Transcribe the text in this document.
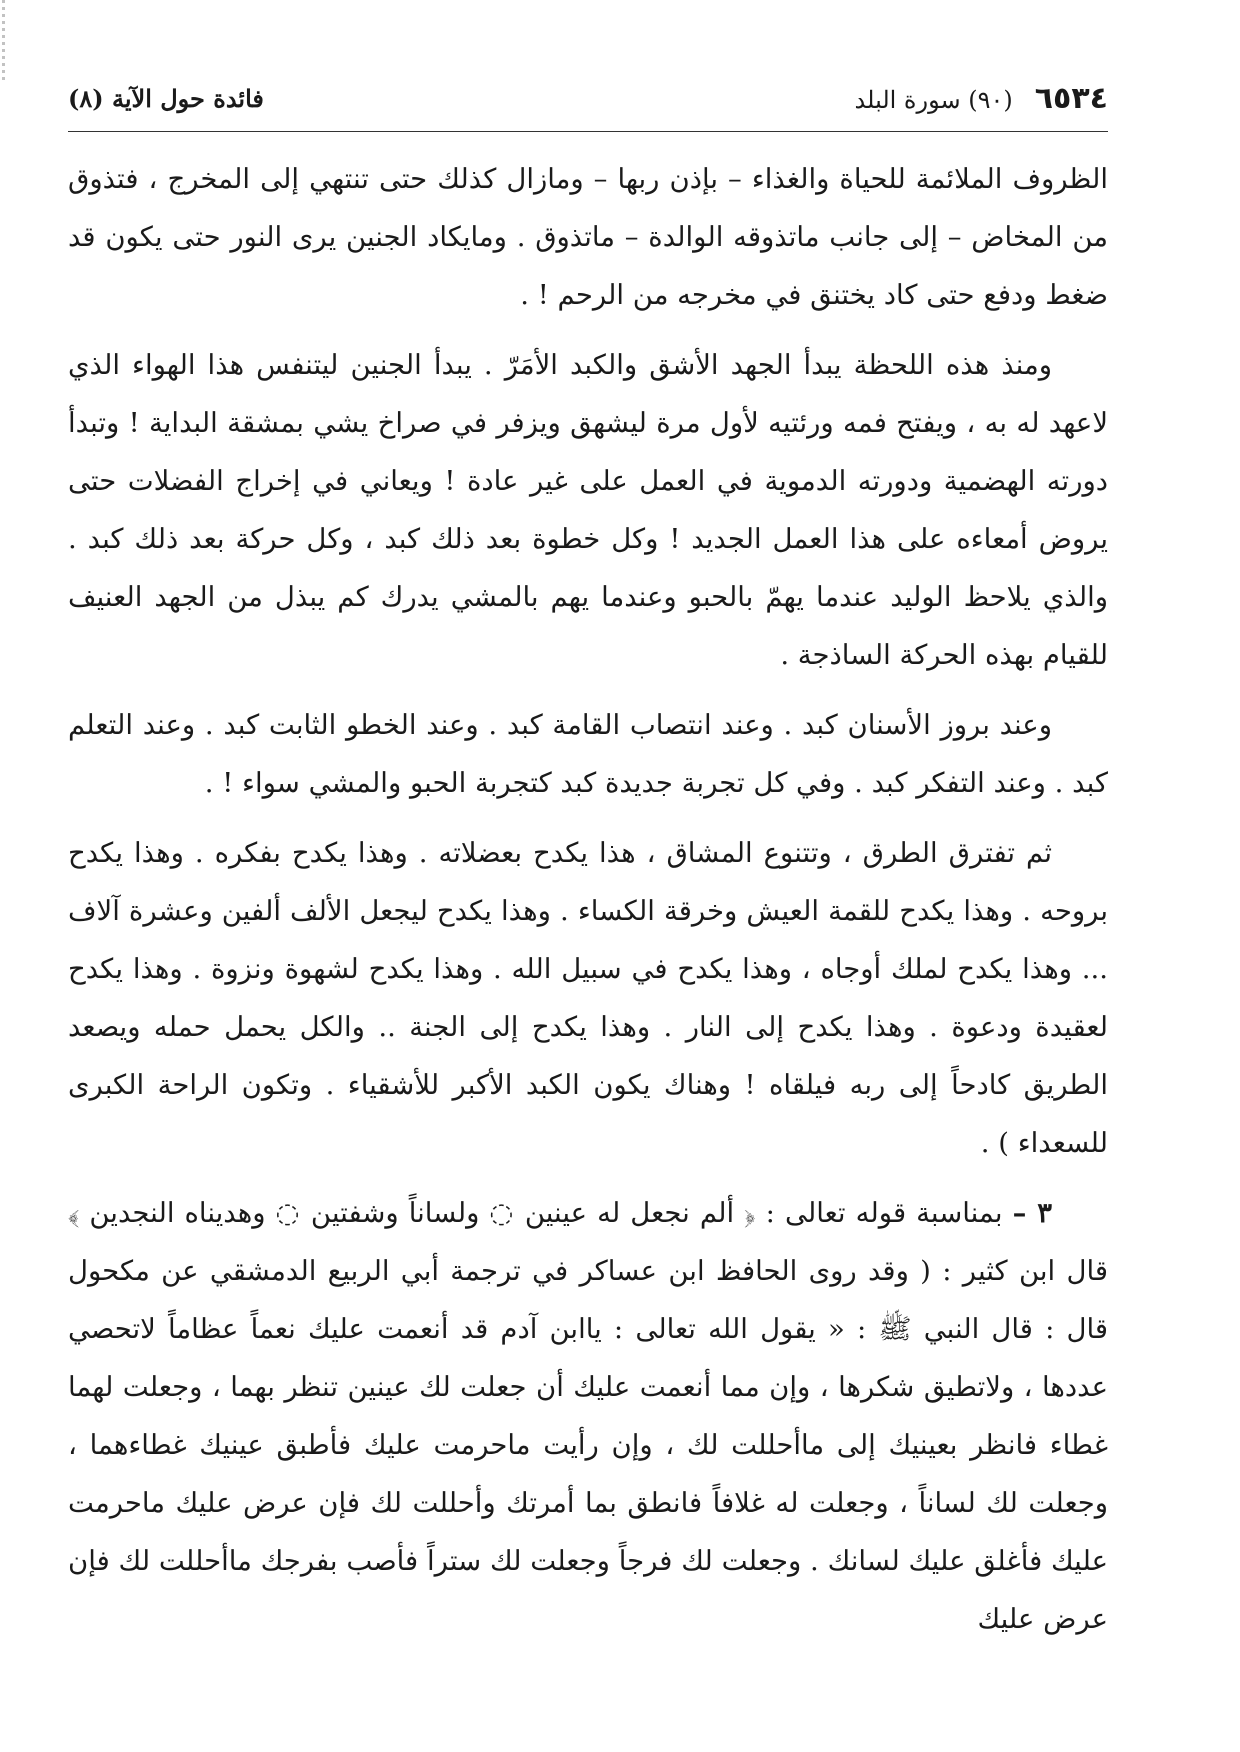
٦٥٣٤
(٩٠) سورة البلد
فائدة حول الآية (٨)

الظروف الملائمة للحياة والغذاء – بإذن ربها – ومازال كذلك حتى تنتهي إلى المخرج ، فتذوق من المخاض – إلى جانب ماتذوقه الوالدة – ماتذوق . ومايكاد الجنين يرى النور حتى يكون قد ضغط ودفع حتى كاد يختنق في مخرجه من الرحم ! .

ومنذ هذه اللحظة يبدأ الجهد الأشق والكبد الأمَرّ . يبدأ الجنين ليتنفس هذا الهواء الذي لاعهد له به ، ويفتح فمه ورئتيه لأول مرة ليشهق ويزفر في صراخ يشي بمشقة البداية ! وتبدأ دورته الهضمية ودورته الدموية في العمل على غير عادة ! ويعاني في إخراج الفضلات حتى يروض أمعاءه على هذا العمل الجديد ! وكل خطوة بعد ذلك كبد ، وكل حركة بعد ذلك كبد . والذي يلاحظ الوليد عندما يهمّ بالحبو وعندما يهم بالمشي يدرك كم يبذل من الجهد العنيف للقيام بهذه الحركة الساذجة .

وعند بروز الأسنان كبد . وعند انتصاب القامة كبد . وعند الخطو الثابت كبد . وعند التعلم كبد . وعند التفكر كبد . وفي كل تجربة جديدة كبد كتجربة الحبو والمشي سواء ! .

ثم تفترق الطرق ، وتتنوع المشاق ، هذا يكدح بعضلاته . وهذا يكدح بفكره . وهذا يكدح بروحه . وهذا يكدح للقمة العيش وخرقة الكساء . وهذا يكدح ليجعل الألف ألفين وعشرة آلاف ... وهذا يكدح لملك أوجاه ، وهذا يكدح في سبيل الله . وهذا يكدح لشهوة ونزوة . وهذا يكدح لعقيدة ودعوة . وهذا يكدح إلى النار . وهذا يكدح إلى الجنة .. والكل يحمل حمله ويصعد الطريق كادحاً إلى ربه فيلقاه ! وهناك يكون الكبد الأكبر للأشقياء . وتكون الراحة الكبرى للسعداء ) .

٣ – بمناسبة قوله تعالى : ﴿ ألم نجعل له عينين ◌ ولساناً وشفتين ◌ وهديناه النجدين ﴾ قال ابن كثير : ( وقد روى الحافظ ابن عساكر في ترجمة أبي الربيع الدمشقي عن مكحول قال : قال النبي ﷺ : « يقول الله تعالى : ياابن آدم قد أنعمت عليك نعماً عظاماً لاتحصي عددها ، ولاتطيق شكرها ، وإن مما أنعمت عليك أن جعلت لك عينين تنظر بهما ، وجعلت لهما غطاء فانظر بعينيك إلى ماأحللت لك ، وإن رأيت ماحرمت عليك فأطبق عينيك غطاءهما ، وجعلت لك لساناً ، وجعلت له غلافاً فانطق بما أمرتك وأحللت لك فإن عرض عليك ماحرمت عليك فأغلق عليك لسانك . وجعلت لك فرجاً وجعلت لك ستراً فأصب بفرجك ماأحللت لك فإن عرض عليك
